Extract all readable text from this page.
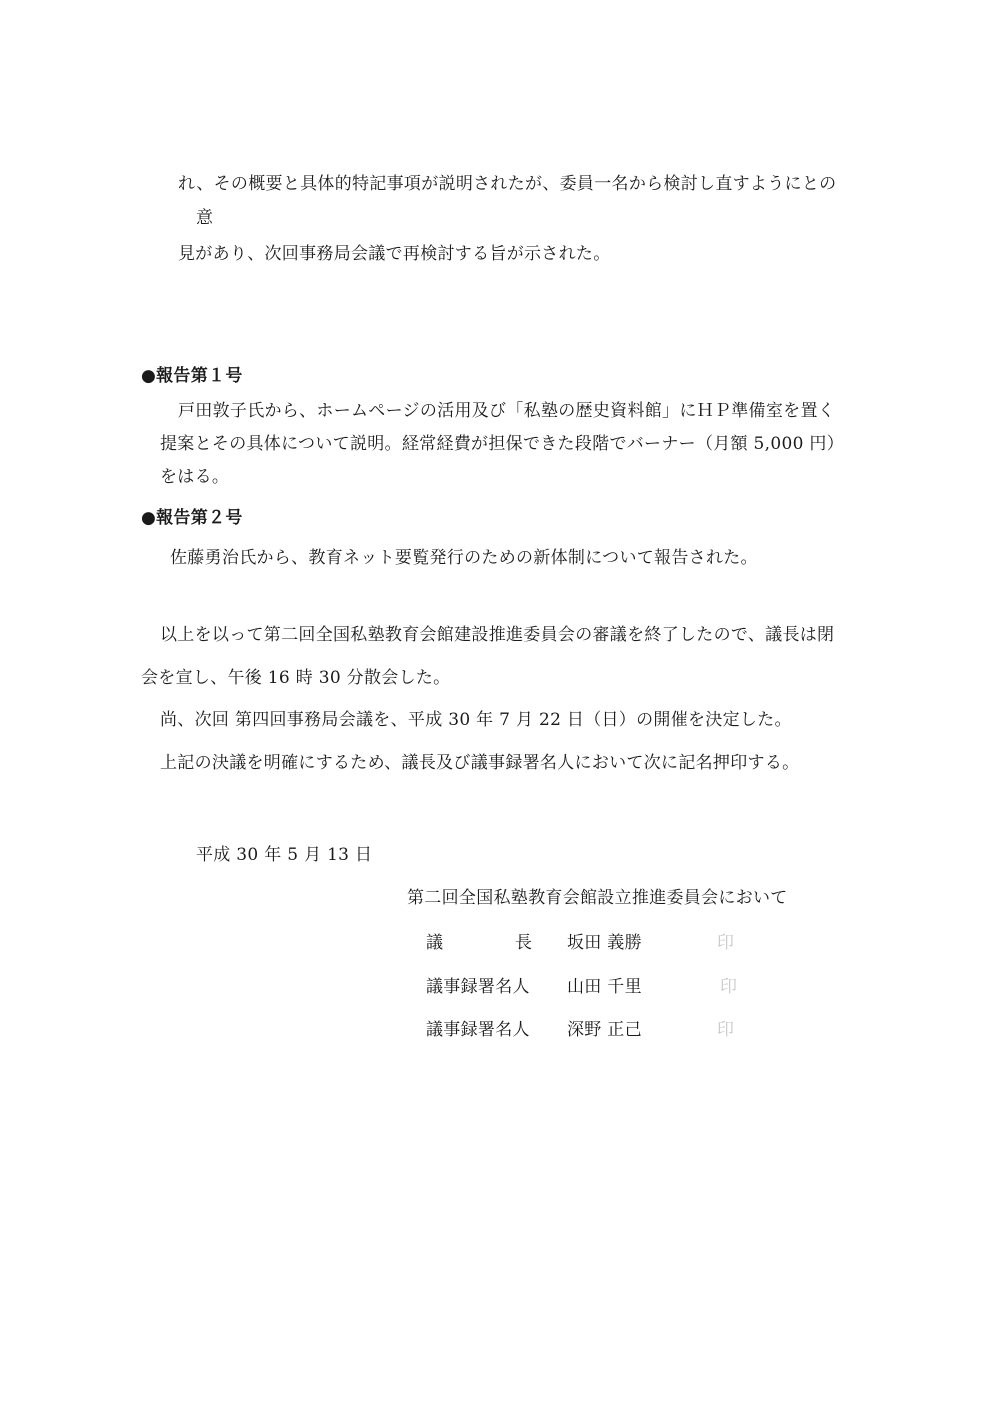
れ、その概要と具体的特記事項が説明されたが、委員一名から検討し直すようにとの
意
見があり、次回事務局会議で再検討する旨が示された。
●報告第１号
戸田敦子氏から、ホームページの活用及び「私塾の歴史資料館」にＨＰ準備室を置く
提案とその具体について説明。経常経費が担保できた段階でバーナー（月額 5,000 円）
をはる。
●報告第２号
佐藤勇治氏から、教育ネット要覧発行のための新体制について報告された。
以上を以って第二回全国私塾教育会館建設推進委員会の審議を終了したので、議長は閉
会を宣し、午後 16 時 30 分散会した。
尚、次回 第四回事務局会議を、平成 30 年 7 月 22 日（日）の開催を決定した。
上記の決議を明確にするため、議長及び議事録署名人において次に記名押印する。
平成 30 年 5 月 13 日
第二回全国私塾教育会館設立推進委員会において
議	長 坂田 義勝	印
議事録署名人 山田 千里	印
議事録署名人 深野 正己	印
